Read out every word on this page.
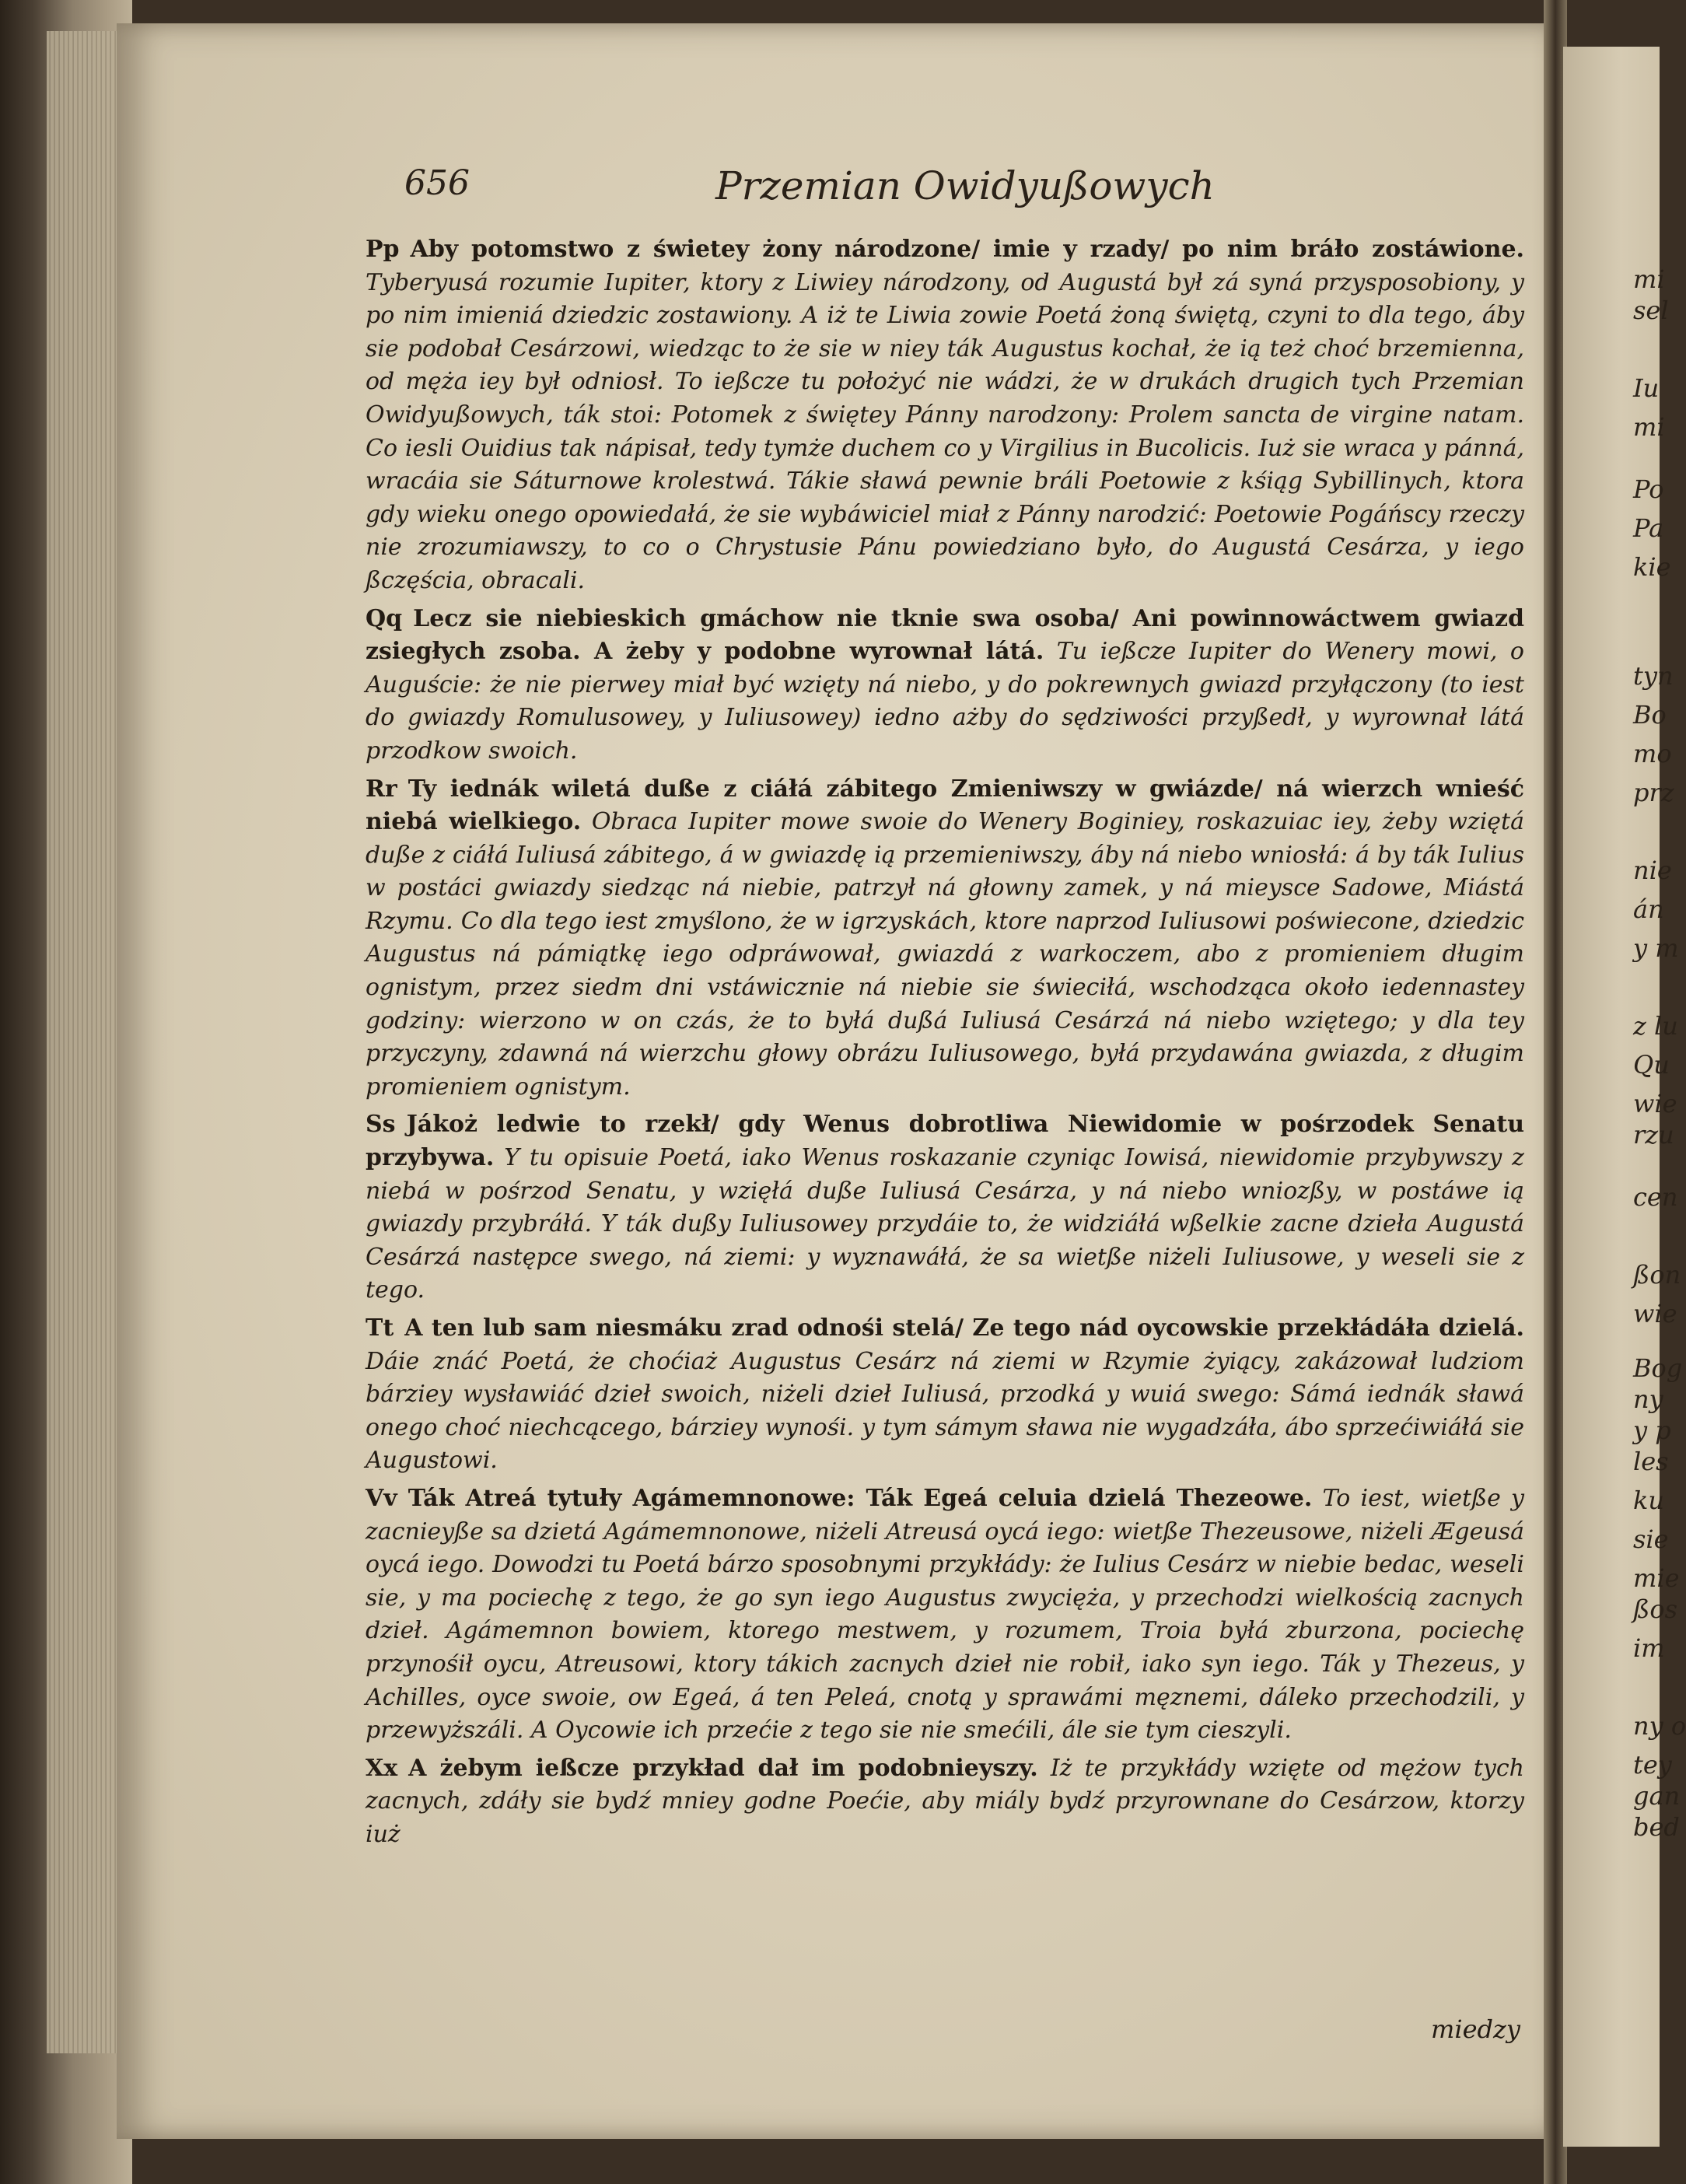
656	Przemian Owidyußowych

Pp Aby potomstwo z świetey żony národzone/ imie y rzady/ po nim bráło zostáwione. Tyberyusá rozumie Iupiter, ktory z Liwiey národzony, od Augustá był zá syná przysposobiony, y po nim imieniá dziedzic zostawiony. A iż te Liwia zowie Poetá żoną świętą, czyni to dla tego, áby sie podobał Cesárzowi, wiedząc to że sie w niey ták Augustus kochał, że ią też choć brzemienna, od męża iey był odniosł. To ießcze tu położyć nie wádzi, że w drukách drugich tych Przemian Owidyußowych, ták stoi: Potomek z świętey Pánny narodzony: Prolem sancta de virgine natam. Co iesli Ouidius tak nápisał, tedy tymże duchem co y Virgilius in Bucolicis. Iuż sie wraca y pánná, wracáia sie Sáturnowe krolestwá. Tákie sławá pewnie bráli Poetowie z kśiąg Sybillinych, ktora gdy wieku onego opowiedałá, że sie wybáwiciel miał z Pánny narodzić: Poetowie Pogáńscy rzeczy nie zrozumiawszy, to co o Chrystusie Pánu powiedziano było, do Augustá Cesárza, y iego ßczęścia, obracali.

Qq Lecz sie niebieskich gmáchow nie tknie swa osoba/ Ani powinnowáctwem gwiazd zsiegłych zsoba. A żeby y podobne wyrownał látá. Tu ießcze Iupiter do Wenery mowi, o Auguście: że nie pierwey miał być wzięty ná niebo, y do pokrewnych gwiazd przyłączony (to iest do gwiazdy Romulusowey, y Iuliusowey) iedno ażby do sędziwości przyßedł, y wyrownał látá przodkow swoich.

Rr Ty iednák wiletá duße z ciáłá zábitego Zmieniwszy w gwiázde/ ná wierzch wnieść niebá wielkiego. Obraca Iupiter mowe swoie do Wenery Boginiey, roskazuiac iey, żeby wziętá duße z ciáłá Iuliusá zábitego, á w gwiazdę ią przemieniwszy, áby ná niebo wniosłá: á by ták Iulius w postáci gwiazdy siedząc ná niebie, patrzył ná głowny zamek, y ná mieysce Sadowe, Miástá Rzymu. Co dla tego iest zmyślono, że w igrzyskách, ktore naprzod Iuliusowi poświecone, dziedzic Augustus ná pámiątkę iego odpráwował, gwiazdá z warkoczem, abo z promieniem długim ognistym, przez siedm dni vstáwicznie ná niebie sie świeciłá, wschodząca około iedennastey godziny: wierzono w on czás, że to byłá dußá Iuliusá Cesárzá ná niebo wziętego; y dla tey przyczyny, zdawná ná wierzchu głowy obrázu Iuliusowego, byłá przydawána gwiazda, z długim promieniem ognistym.

Ss Jákoż ledwie to rzekł/ gdy Wenus dobrotliwa Niewidomie w pośrzodek Senatu przybywa. Y tu opisuie Poetá, iako Wenus roskazanie czyniąc Iowisá, niewidomie przybywszy z niebá w pośrzod Senatu, y wzięłá duße Iuliusá Cesárza, y ná niebo wniozßy, w postáwe ią gwiazdy przybráłá. Y ták dußy Iuliusowey przydáie to, że widziáłá wßelkie zacne dzieła Augustá Cesárzá następce swego, ná ziemi: y wyznawáłá, że sa wietße niżeli Iuliusowe, y weseli sie z tego.

Tt A ten lub sam niesmáku zrad odnośi stelá/ Ze tego nád oycowskie przekłádáła dzielá. Dáie znáć Poetá, że choćiaż Augustus Cesárz ná ziemi w Rzymie żyiący, zakázował ludziom bárziey wysławiáć dzieł swoich, niżeli dzieł Iuliusá, przodká y wuiá swego: Sámá iednák sławá onego choć niechcącego, bárziey wynośi. y tym sámym sława nie wygadzáła, ábo sprzećiwiáłá sie Augustowi.

Vv Ták Atreá tytuły Agámemnonowe: Ták Egeá celuia dzielá Thezeowe. To iest, wietße y zacnieyße sa dzietá Agámemnonowe, niżeli Atreusá oycá iego: wietße Thezeusowe, niżeli Ægeusá oycá iego. Dowodzi tu Poetá bárzo sposobnymi przykłády: że Iulius Cesárz w niebie bedac, weseli sie, y ma pociechę z tego, że go syn iego Augustus zwycięża, y przechodzi wielkością zacnych dzieł. Agámemnon bowiem, ktorego mestwem, y rozumem, Troia byłá zburzona, pociechę przynośił oycu, Atreusowi, ktory tákich zacnych dzieł nie robił, iako syn iego. Ták y Thezeus, y Achilles, oyce swoie, ow Egeá, á ten Peleá, cnotą y sprawámi męznemi, dáleko przechodzili, y przewyższáli. A Oycowie ich przećie z tego sie nie smećili, ále sie tym cieszyli.

Xx A żebym ießcze przykład dał im podobnieyszy. Iż te przykłády wzięte od mężow tych zacnych, zdáły sie bydź mniey godne Poećie, aby miály bydź przyrownane do Cesárzow, ktorzy iuż

miedzy
mi
sel
Iu
mi
Po
Pa
kie
tyn
Bo
mo
prz
nie
án
y m
z lu
Qu
wie
rzu
cen
ßon
wie
Bog
ny
y p
les
ku
sie
mie
ßos
im
ny o
tey
gan
bed
